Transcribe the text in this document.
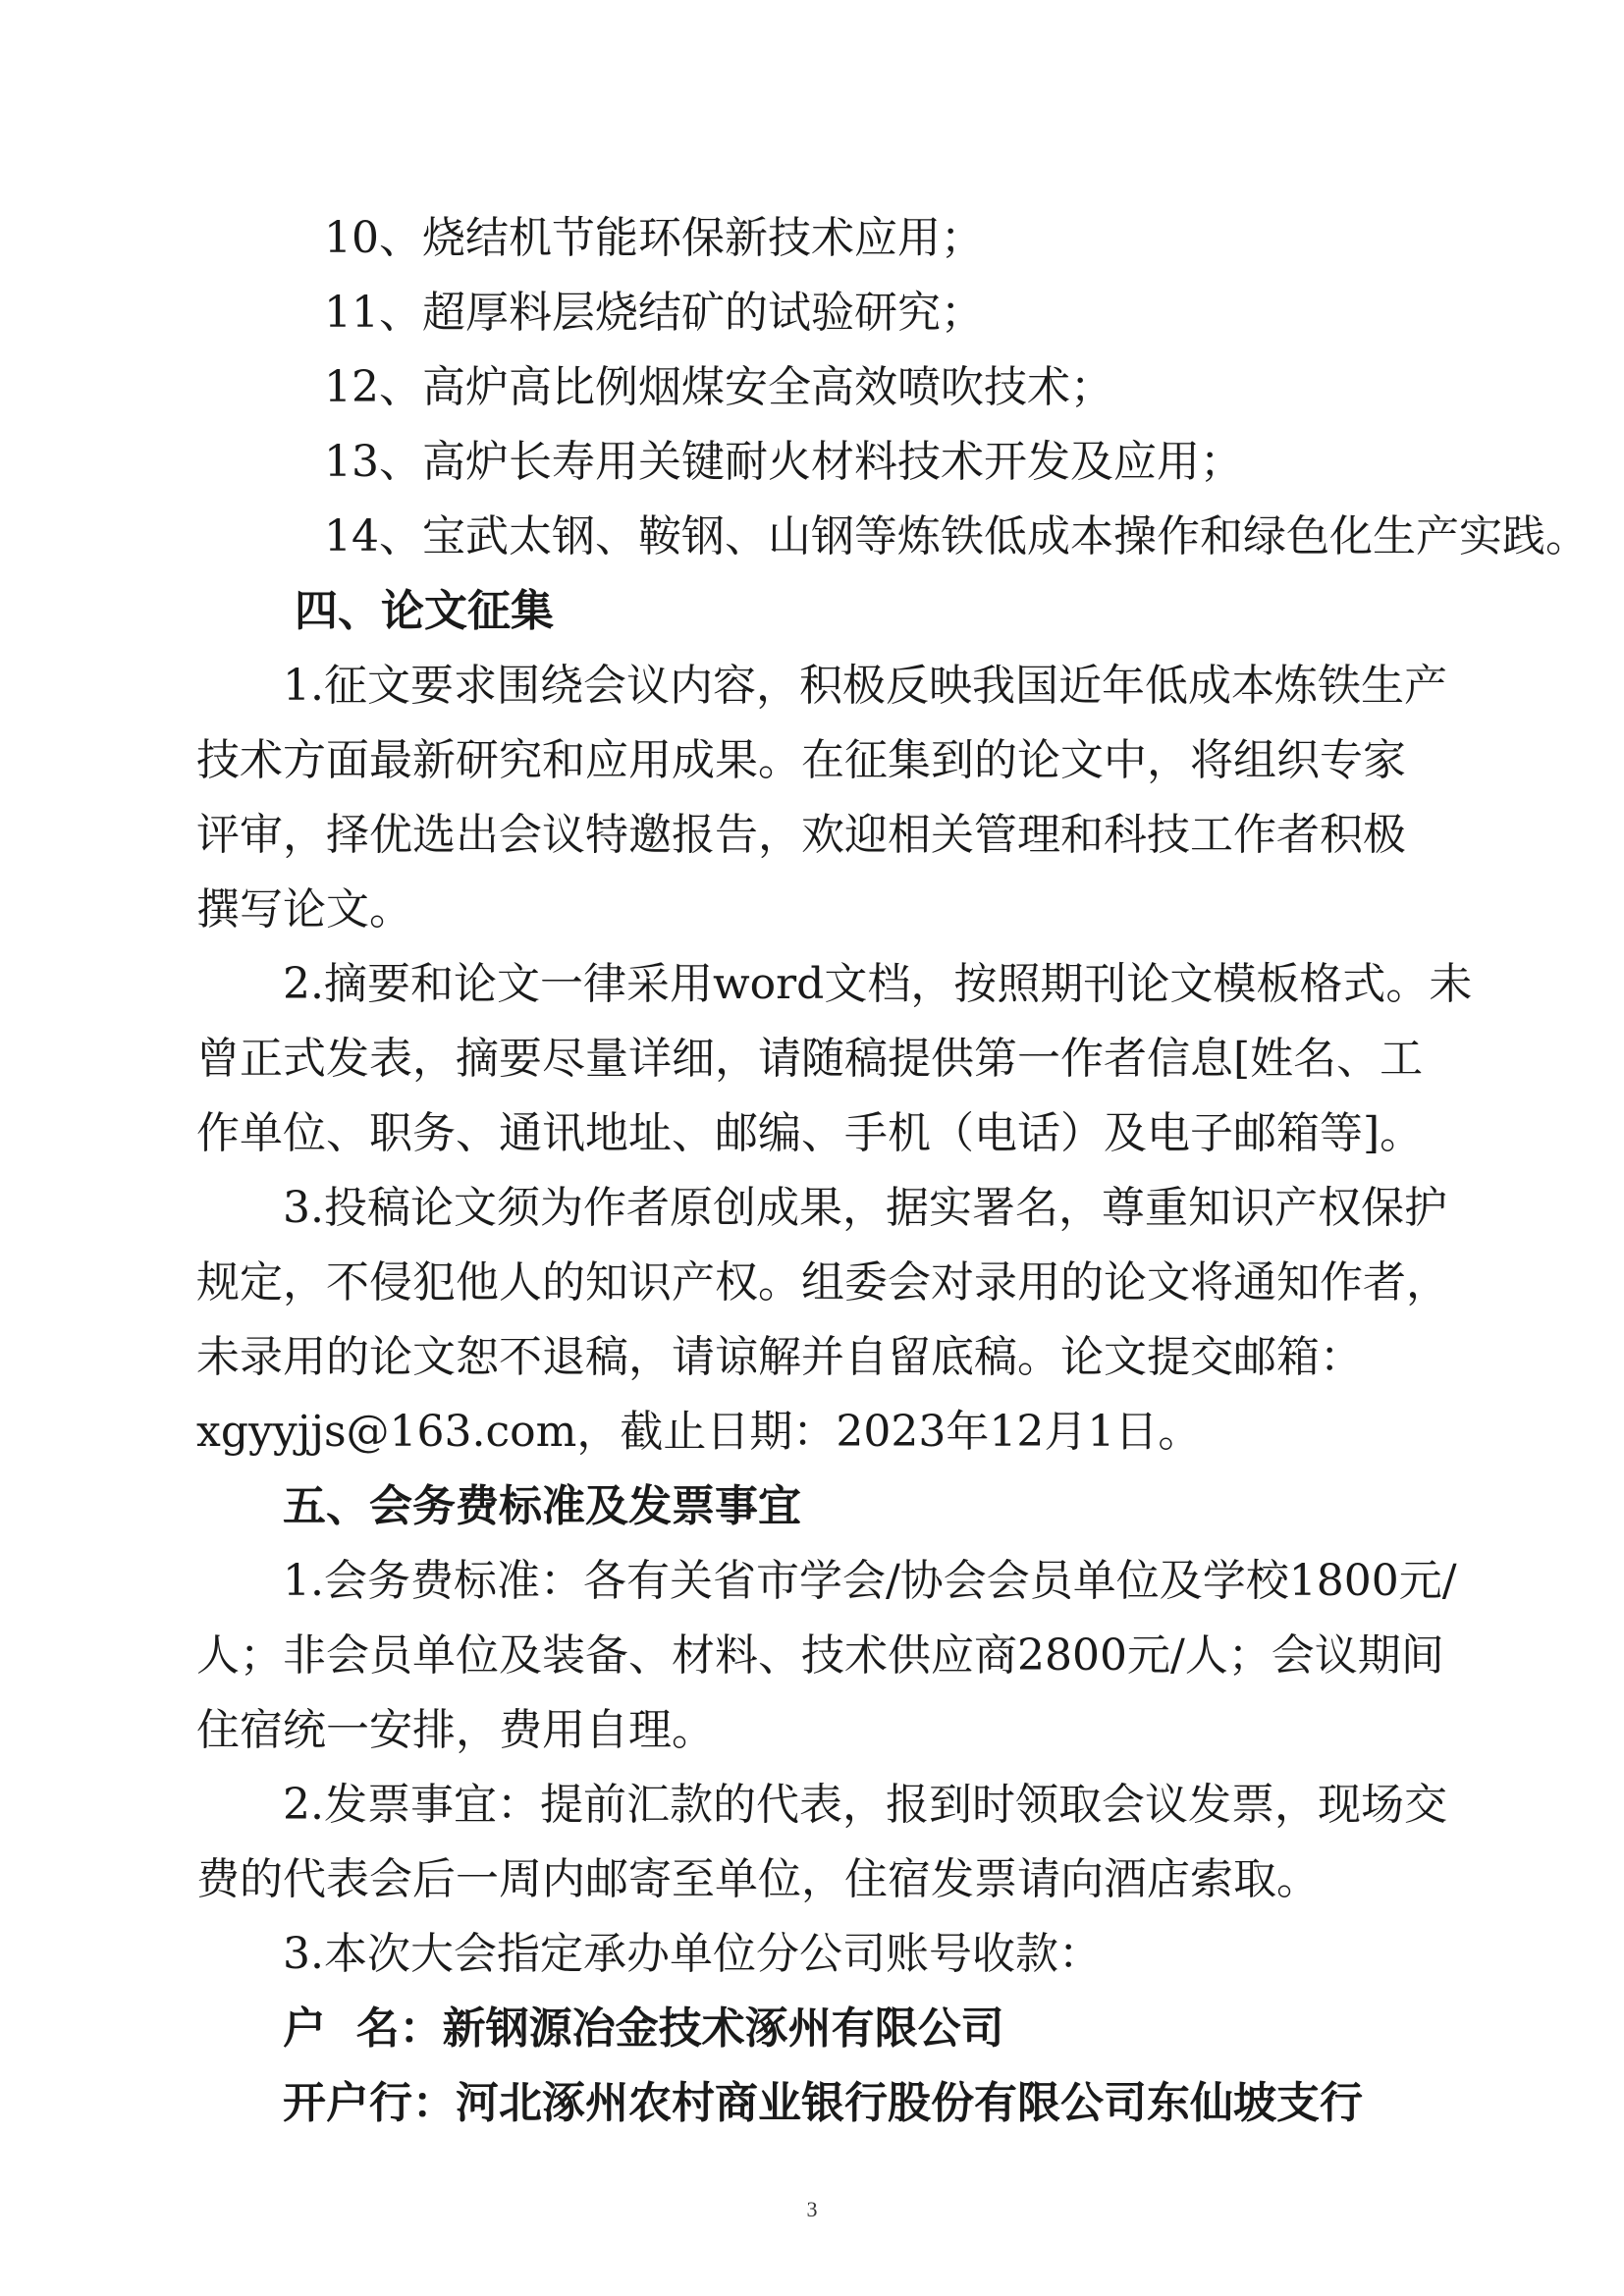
10、烧结机节能环保新技术应用；
11、超厚料层烧结矿的试验研究；
12、高炉高比例烟煤安全高效喷吹技术；
13、高炉长寿用关键耐火材料技术开发及应用；
14、宝武太钢、鞍钢、山钢等炼铁低成本操作和绿色化生产实践。
四、论文征集
1.征文要求围绕会议内容，积极反映我国近年低成本炼铁生产
技术方面最新研究和应用成果。在征集到的论文中，将组织专家
评审，择优选出会议特邀报告，欢迎相关管理和科技工作者积极
撰写论文。
2.摘要和论文一律采用word文档，按照期刊论文模板格式。未
曾正式发表，摘要尽量详细，请随稿提供第一作者信息[姓名、工
作单位、职务、通讯地址、邮编、手机（电话）及电子邮箱等]。
3.投稿论文须为作者原创成果，据实署名，尊重知识产权保护
规定，不侵犯他人的知识产权。组委会对录用的论文将通知作者，
未录用的论文恕不退稿，请谅解并自留底稿。论文提交邮箱：
xgyyjjs@163.com，截止日期：2023年12月1日。
五、会务费标准及发票事宜
1.会务费标准：各有关省市学会/协会会员单位及学校1800元/
人；非会员单位及装备、材料、技术供应商2800元/人；会议期间
住宿统一安排，费用自理。
2.发票事宜：提前汇款的代表，报到时领取会议发票，现场交
费的代表会后一周内邮寄至单位，住宿发票请向酒店索取。
3.本次大会指定承办单位分公司账号收款：
户  名：新钢源冶金技术涿州有限公司
开户行：河北涿州农村商业银行股份有限公司东仙坡支行
3
